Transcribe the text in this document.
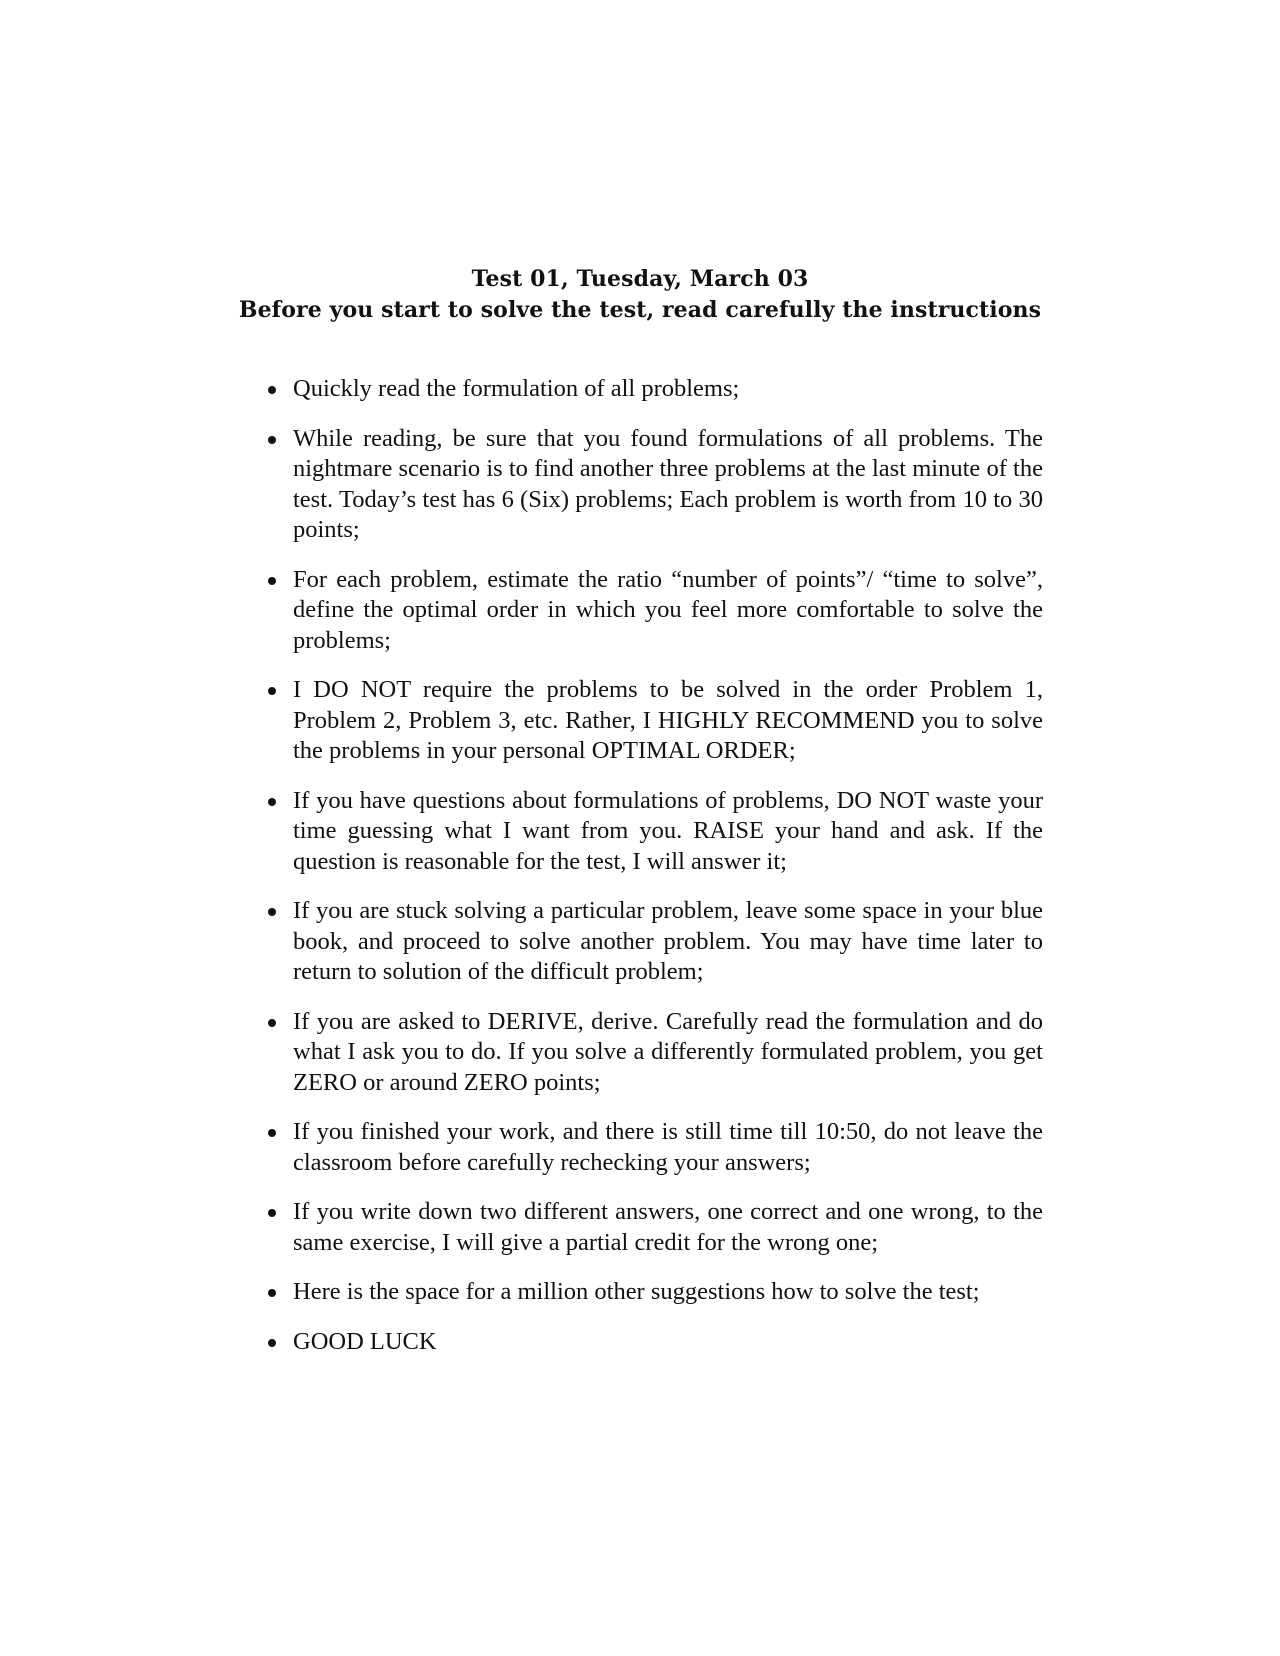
Test 01, Tuesday, March 03
Before you start to solve the test, read carefully the instructions
Quickly read the formulation of all problems;
While reading, be sure that you found formulations of all problems. The nightmare scenario is to find another three problems at the last minute of the test. Today’s test has 6 (Six) problems; Each problem is worth from 10 to 30 points;
For each problem, estimate the ratio “number of points”/ “time to solve”, define the optimal order in which you feel more comfortable to solve the problems;
I DO NOT require the problems to be solved in the order Problem 1, Problem 2, Problem 3, etc. Rather, I HIGHLY RECOMMEND you to solve the problems in your personal OPTIMAL ORDER;
If you have questions about formulations of problems, DO NOT waste your time guessing what I want from you. RAISE your hand and ask. If the question is reasonable for the test, I will answer it;
If you are stuck solving a particular problem, leave some space in your blue book, and proceed to solve another problem. You may have time later to return to solution of the difficult problem;
If you are asked to DERIVE, derive. Carefully read the formulation and do what I ask you to do. If you solve a differently formulated problem, you get ZERO or around ZERO points;
If you finished your work, and there is still time till 10:50, do not leave the classroom before carefully rechecking your answers;
If you write down two different answers, one correct and one wrong, to the same exercise, I will give a partial credit for the wrong one;
Here is the space for a million other suggestions how to solve the test;
GOOD LUCK
